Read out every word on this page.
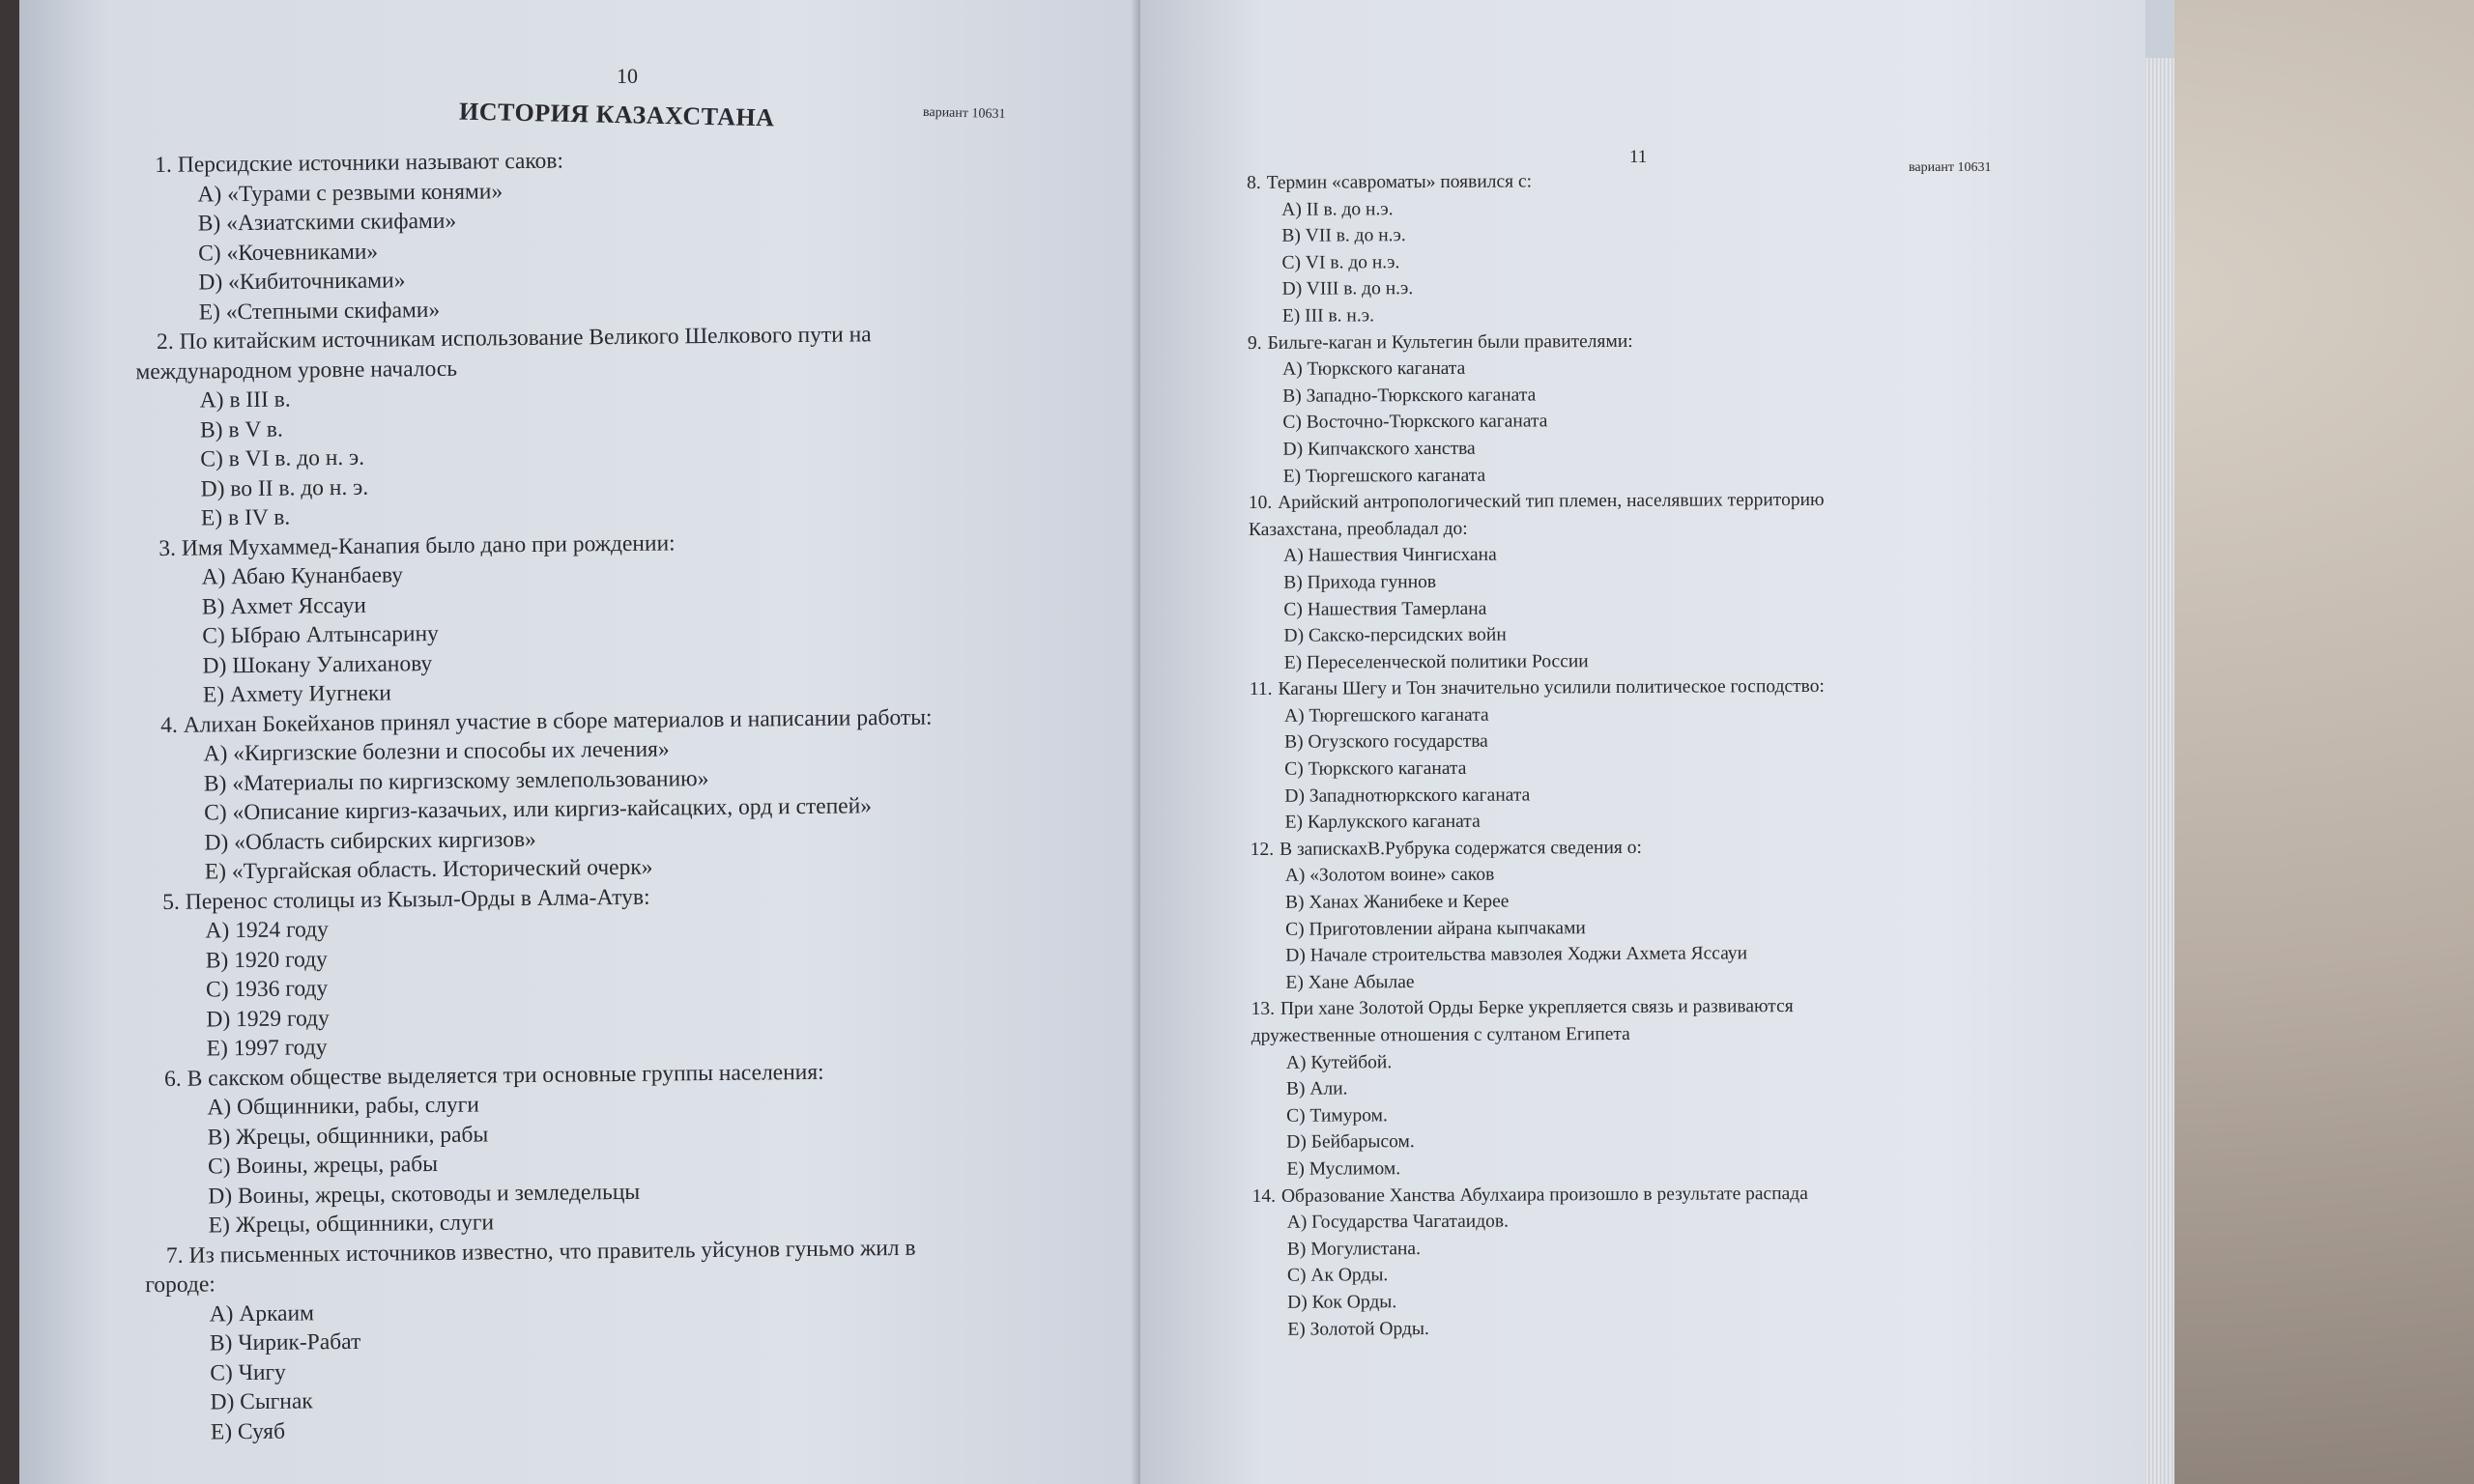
10
вариант 10631
ИСТОРИЯ КАЗАХСТАНА

1. Персидские источники называют саков:

А) «Турами с резвыми конями»

В) «Азиатскими скифами»

С) «Кочевниками»

D) «Кибиточниками»

Е) «Степными скифами»

2. По китайским источникам использование Великого Шелкового пути на

международном уровне началось

А) в III в.

В) в V в.

С) в VI в. до н. э.

D) во II в. до н. э.

Е) в IV в.

3. Имя Мухаммед-Канапия было дано при рождении:

А) Абаю Кунанбаеву

В) Ахмет Яссауи

С) Ыбраю Алтынсарину

D) Шокану Уалиханову

Е) Ахмету Иугнеки

4. Алихан Бокейханов принял участие в сборе материалов и написании работы:

А) «Киргизские болезни и способы их лечения»

В) «Материалы по киргизскому землепользованию»

С) «Описание киргиз-казачьих, или киргиз-кайсацких, орд и степей»

D) «Область сибирских киргизов»

Е) «Тургайская область. Исторический очерк»

5. Перенос столицы из Кызыл-Орды в Алма-Атув:

А) 1924 году

В) 1920 году

С) 1936 году

D) 1929 году

Е) 1997 году

6. В сакском обществе выделяется три основные группы населения:

А) Общинники, рабы, слуги

В) Жрецы, общинники, рабы

С) Воины, жрецы, рабы

D) Воины, жрецы, скотоводы и земледельцы

Е) Жрецы, общинники, слуги

7. Из письменных источников известно, что правитель уйсунов гуньмо жил в

городе:

А) Аркаим

В) Чирик-Рабат

С) Чигу

D) Сыгнак

Е) Суяб

11
вариант 10631

8. Термин «савроматы» появился с:

А) II в. до н.э.

В) VII в. до н.э.

С) VI в. до н.э.

D) VIII в. до н.э.

Е) III в. н.э.

9. Бильге-каган и Культегин были правителями:

А) Тюркского каганата

В) Западно-Тюркского каганата

С) Восточно-Тюркского каганата

D) Кипчакского ханства

Е) Тюргешского каганата

10. Арийский антропологический тип племен, населявших территорию

Казахстана, преобладал до:

А) Нашествия Чингисхана

В) Прихода гуннов

С) Нашествия Тамерлана

D) Сакско-персидских войн

Е) Переселенческой политики России

11. Каганы Шегу и Тон значительно усилили политическое господство:

А) Тюргешского каганата

В) Огузского государства

С) Тюркского каганата

D) Западнотюркского каганата

Е) Карлукского каганата

12. В запискахВ.Рубрука содержатся сведения о:

А) «Золотом воине» саков

В) Ханах Жанибеке и Керее

С) Приготовлении айрана кыпчаками

D) Начале строительства мавзолея Ходжи Ахмета Яссауи

Е) Хане Абылае

13. При хане Золотой Орды Берке укрепляется связь и развиваются

дружественные отношения с султаном Египета

А) Кутейбой.

В) Али.

С) Тимуром.

D) Бейбарысом.

Е) Муслимом.

14. Образование Ханства Абулхаира произошло в результате распада

А) Государства Чагатаидов.

В) Могулистана.

С) Ак Орды.

D) Кок Орды.

Е) Золотой Орды.
